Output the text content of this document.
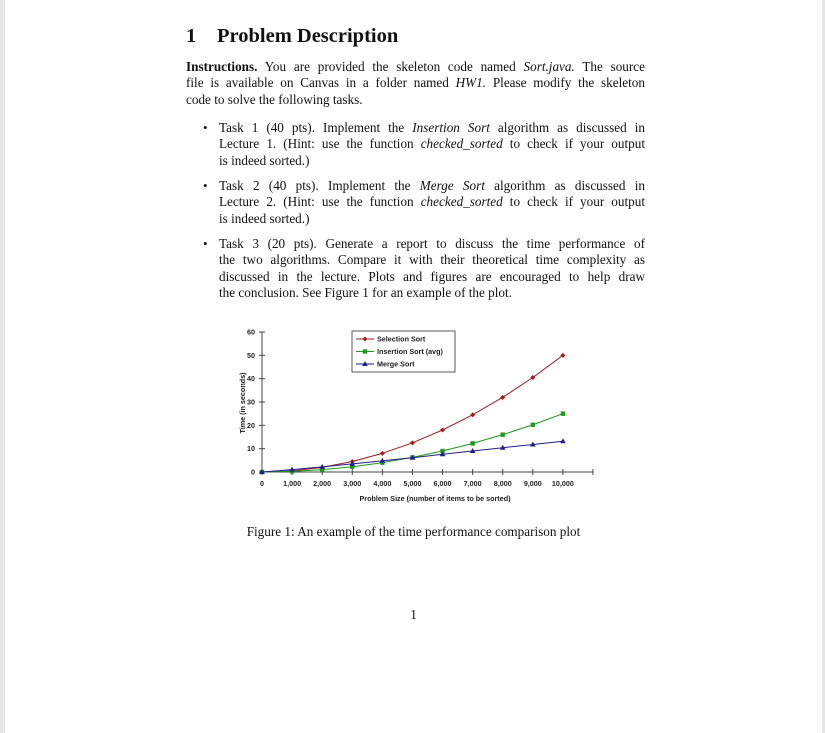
1 Problem Description
Instructions. You are provided the skeleton code named Sort.java. The source
file is available on Canvas in a folder named HW1. Please modify the skeleton
code to solve the following tasks.
• Task 1 (40 pts). Implement the Insertion Sort algorithm as discussed in
Lecture 1. (Hint: use the function checked_sorted to check if your output
is indeed sorted.)
• Task 2 (40 pts). Implement the Merge Sort algorithm as discussed in
Lecture 2. (Hint: use the function checked_sorted to check if your output
is indeed sorted.)
• Task 3 (20 pts). Generate a report to discuss the time performance of
the two algorithms. Compare it with their theoretical time complexity as
discussed in the lecture. Plots and figures are encouraged to help draw
the conclusion. See Figure 1 for an example of the plot.
0
10
20
30
40
50
60
0	1,000 2,000 3,000 4,000 5,000 6,000 7,000 8,000 9,000 10,000
Problem Size (number of items to be sorted)
Time (in seconds)
Selection Sort
Insertion Sort (avg)
Merge Sort
Figure 1: An example of the time performance comparison plot
1
